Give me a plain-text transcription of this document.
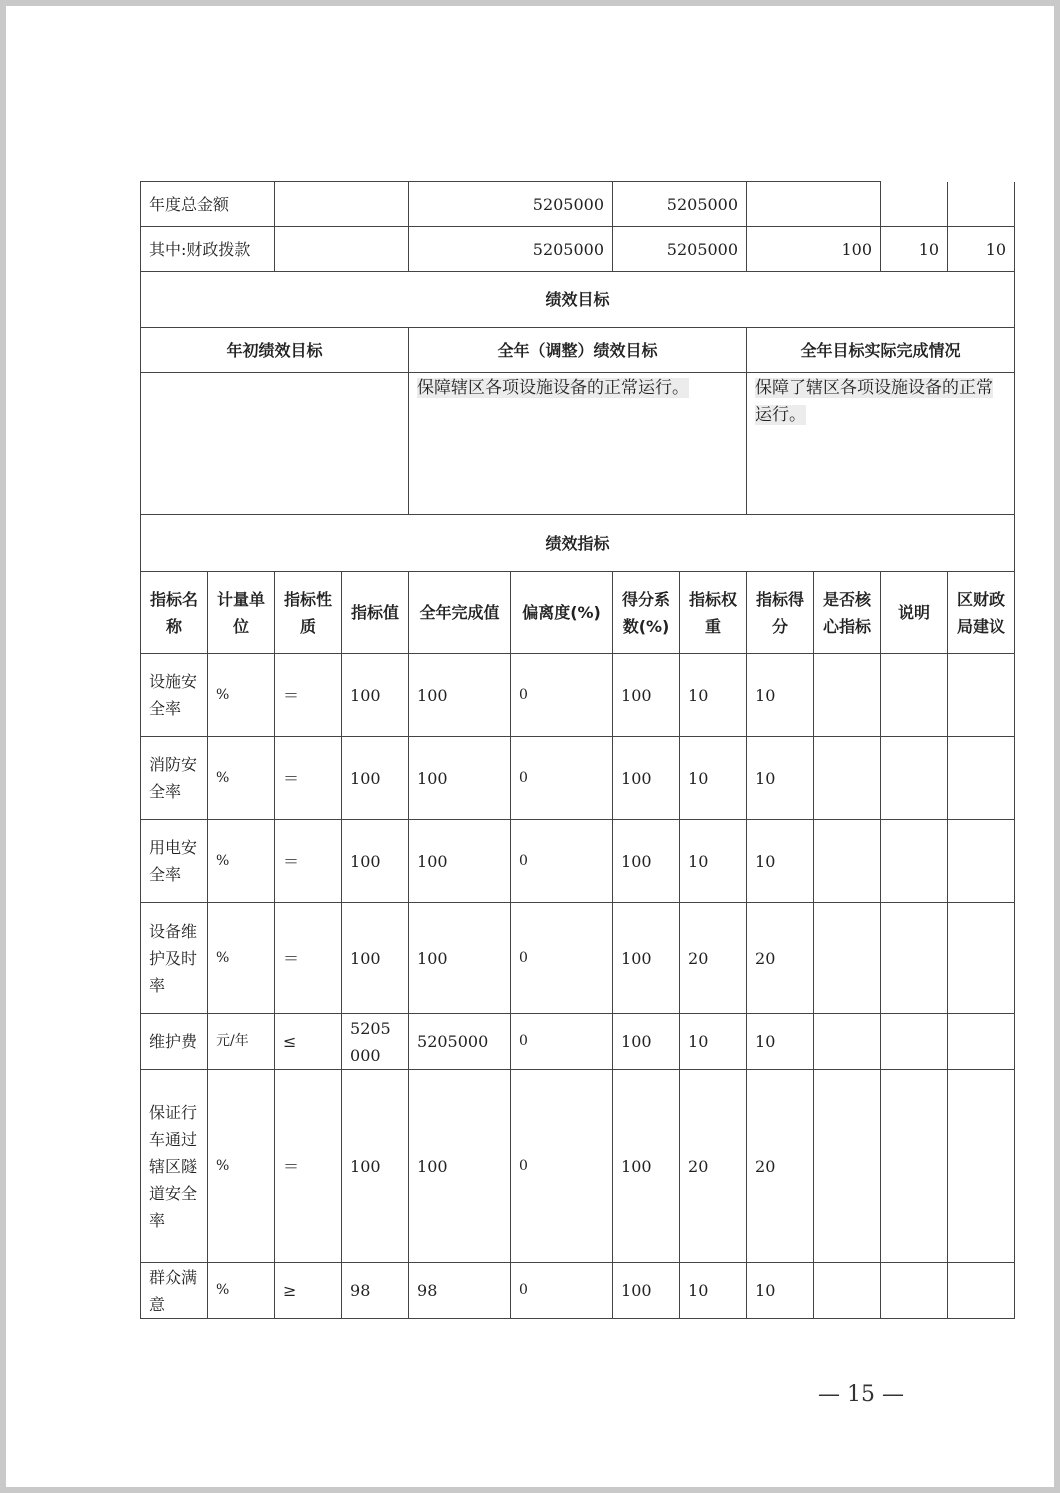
年度总金额				5205000		5205000					
其中:财政拨款				5205000		5205000		100		10	10
绩效目标											
年初绩效目标				全年（调整）绩效目标				全年目标实际完成情况			
				保障辖区各项设施设备的正常运行。				保障了辖区各项设施设备的正常运行。			
绩效指标											
指标名称	计量单位	指标性质	指标值	全年完成值	偏离度(%)	得分系数(%)	指标权重	指标得分	是否核心指标	说明	区财政局建议
设施安全率	%	＝	100	100	0	100	10	10			
消防安全率	%	＝	100	100	0	100	10	10			
用电安全率	%	＝	100	100	0	100	10	10			
设备维护及时率	%	＝	100	100	0	100	20	20			
维护费	元/年	≤	5205000	5205000	0	100	10	10			
保证行车通过辖区隧道安全率	%	＝	100	100	0	100	20	20			
群众满意	%	≥	98	98	0	100	10	10			
— 15 —
